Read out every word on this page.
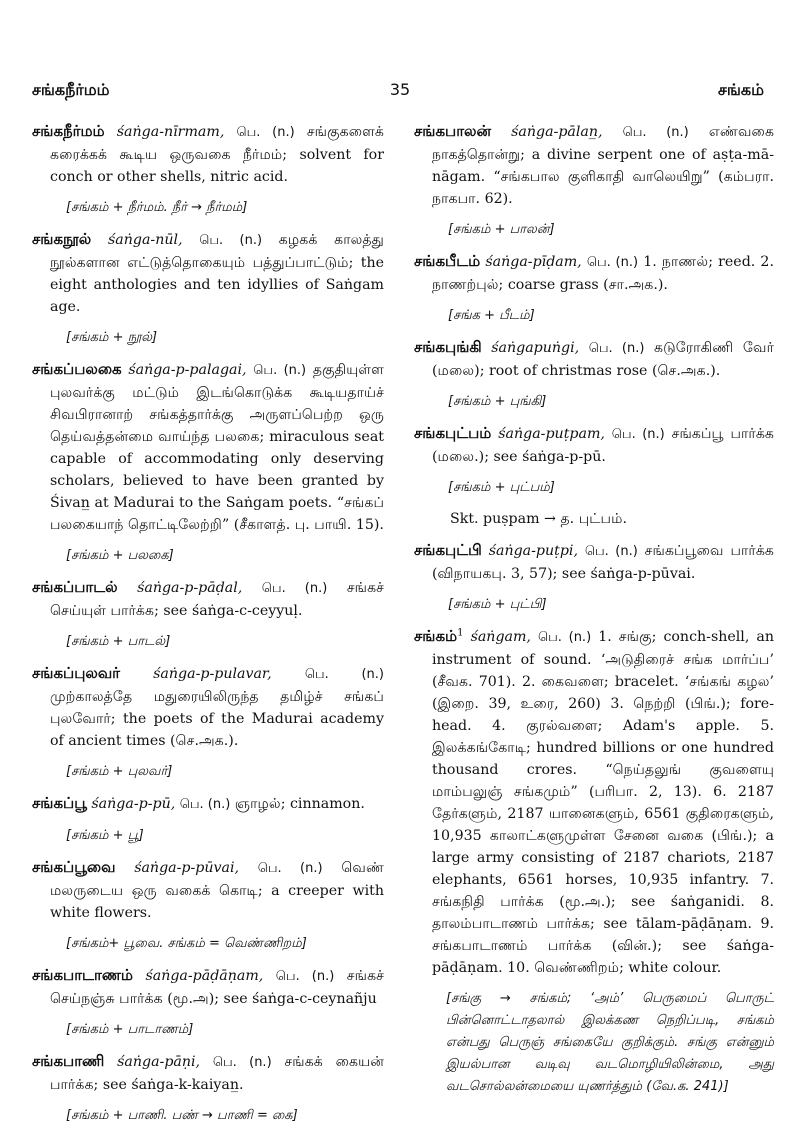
சங்கநீர்மம்	35	சங்கம்
சங்கநீர்மம் śaṅga-nīrmam, பெ. (n.) சங்குகளைக் கரைக்கக் கூடிய ஒருவகை நீர்மம்; solvent for conch or other shells, nitric acid.
[சங்கம் + நீர்மம். நீர் → நீர்மம்]
சங்கநூல் śaṅga-nūl, பெ. (n.) கழகக் காலத்து நூல்களான எட்டுத்தொகையும் பத்துப்பாட்டும்; the eight anthologies and ten idyllies of Saṅgam age.
[சங்கம் + நூல்]
சங்கப்பலகை śaṅga-p-palagai, பெ. (n.) தகுதியுள்ள புலவர்க்கு மட்டும் இடங்கொடுக்க கூடியதாய்ச் சிவபிரானாற் சங்கத்தார்க்கு அருளப்பெற்ற ஒரு தெய்வத்தன்மை வாய்ந்த பலகை; miraculous seat capable of accommodating only deserving scholars, believed to have been granted by Śivan̲ at Madurai to the Saṅgam poets. “சங்கப் பலகையாந் தொட்டிலேற்றி” (சீகாளத். பு. பாயி. 15).
[சங்கம் + பலகை]
சங்கப்பாடல் śaṅga-p-pāḍal, பெ. (n.) சங்கச் செய்யுள் பார்க்க; see śaṅga-c-ceyyuḷ.
[சங்கம் + பாடல்]
சங்கப்புலவர் śaṅga-p-pulavar,	பெ. (n.) முற்காலத்தே மதுரையிலிருந்த தமிழ்ச் சங்கப் புலவோர்; the poets of the Madurai academy of ancient times (செ.அக.).
[சங்கம் + புலவர்]
சங்கப்பூ śaṅga-p-pū, பெ. (n.) ஞாழல்; cinnamon.
[சங்கம் + பூ]
சங்கப்பூவை śaṅga-p-pūvai, பெ. (n.) வெண் மலருடைய ஒரு வகைக் கொடி; a creeper with white flowers.
[சங்கம்+ பூவை. சங்கம் = வெண்ணிறம்]
சங்கபாடாணம் śaṅga-pāḍāṇam, பெ. (n.) சங்கச் செய்நஞ்சு பார்க்க (மூ.அ); see śaṅga-c-ceynañju
[சங்கம் + பாடாணம்]
சங்கபாணி śaṅga-pāṇi, பெ. (n.) சங்கக் கையன் பார்க்க; see śaṅga-k-kaiyan̲.
[சங்கம் + பாணி. பண் → பாணி = கை]
சங்கபாலன் śaṅga-pālan̲, பெ. (n.) எண்வகை நாகத்தொன்று; a divine serpent one of aṣṭa-mā-nāgam. “சங்கபால குளிகாதி வாலெயிறு” (கம்பரா. நாகபா. 62).
[சங்கம் + பாலன்]
சங்கபீடம் śaṅga-pīḍam, பெ. (n.) 1. நாணல்; reed. 2. நாணற்புல்; coarse grass (சா.அக.).
[சங்க + பீடம்]
சங்கபுங்கி śaṅgapuṅgi, பெ. (n.) கடுரோகிணி வேர் (மலை); root of christmas rose (செ.அக.).
[சங்கம் + புங்கி]
சங்கபுட்பம் śaṅga-puṭpam, பெ. (n.) சங்கப்பூ பார்க்க (மலை.); see śaṅga-p-pū.
[சங்கம் + புட்பம்]
Skt. puṣpam → த. புட்பம்.
சங்கபுட்பி śaṅga-puṭpi, பெ. (n.) சங்கப்பூவை பார்க்க (விநாயகபு. 3, 57); see śaṅga-p-pūvai.
[சங்கம் + புட்பி]
சங்கம்$^1$ śaṅgam, பெ. (n.) 1. சங்கு; conch-shell, an instrument of sound. ‘அடுதிரைச் சங்க மார்ப்ப’ (சீவக. 701). 2. கைவளை; bracelet. ‘சங்கங் கழல’ (இறை. 39, உரை, 260) 3. நெற்றி (பிங்.); fore-head. 4. குரல்வளை; Adam's apple. 5. இலக்கங்கோடி; hundred billions or one hundred thousand crores. “நெய்தலுங் குவளையு மாம்பலுஞ் சங்கமும்” (பரிபா. 2, 13). 6. 2187 தேர்களும், 2187 யானைகளும், 6561 குதிரைகளும், 10,935 காலாட்களுமுள்ள சேனை வகை (பிங்.); a large army consisting of 2187 chariots, 2187 elephants, 6561 horses, 10,935 infantry. 7. சங்கநிதி பார்க்க (மூ.அ.); see śaṅganidi. 8. தாலம்பாடாணம் பார்க்க; see tālam-pāḍāṇam. 9. சங்கபாடாணம் பார்க்க (வின்.); see śaṅga-pāḍāṇam. 10. வெண்ணிறம்; white colour.
[சங்கு → சங்கம்; ‘அம்’ பெருமைப் பொருட் பின்னொட்டாதலால் இலக்கண நெறிப்படி, சங்கம் என்பது பெருஞ் சங்கையே குறிக்கும். சங்கு என்னும் இயல்பான வடிவு வடமொழியிலின்மை, அது வடசொல்லன்மையை யுணர்த்தும் (வே.க. 241)]
